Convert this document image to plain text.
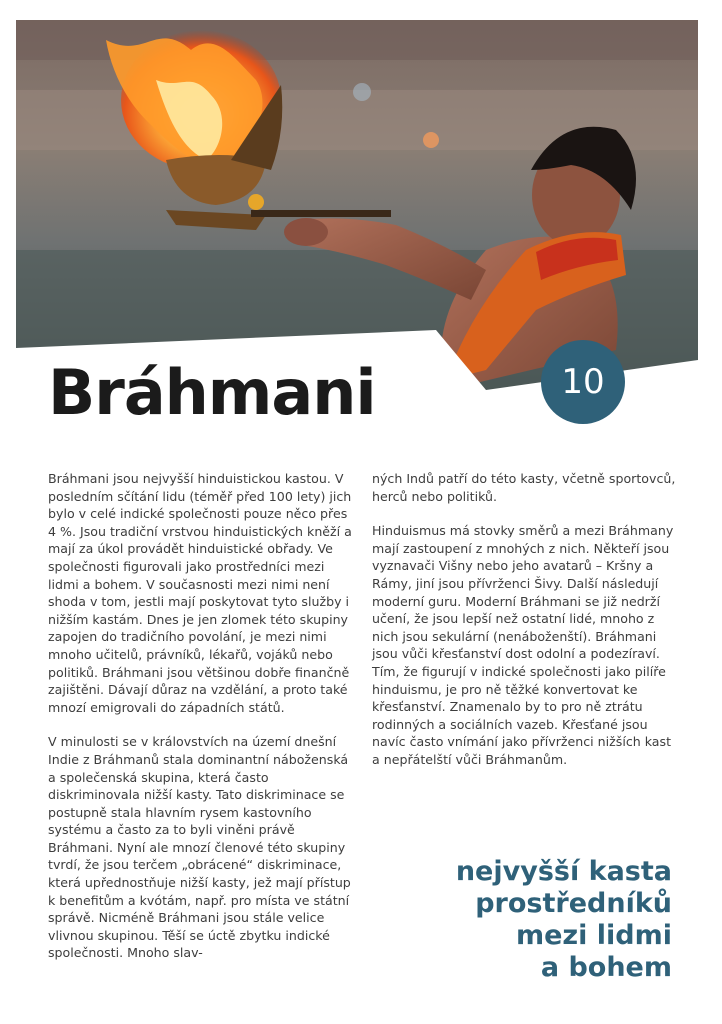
10
Bráhmani

Bráhmani jsou nejvyšší hinduistickou kastou. V posledním sčítání lidu (téměř před 100 lety) jich bylo v celé indické společnosti pouze něco přes 4 %. Jsou tradiční vrstvou hinduistických kněží a mají za úkol provádět hinduistické obřady. Ve společnosti figurovali jako prostředníci mezi lidmi a bohem. V současnosti mezi nimi není shoda v tom, jestli mají poskytovat tyto služby i nižším kastám. Dnes je jen zlomek této skupiny zapojen do tradičního povolání, je mezi nimi mnoho učitelů, právníků, lékařů, vojáků nebo politiků. Bráhmani jsou většinou dobře finančně zajištěni. Dávají důraz na vzdělání, a proto také mnozí emigrovali do západních států.

V minulosti se v královstvích na území dnešní Indie z Bráhmanů stala dominantní náboženská a společenská skupina, která často diskriminovala nižší kasty. Tato diskriminace se postupně stala hlavním rysem kastovního systému a často za to byli viněni právě Bráhmani. Nyní ale mnozí členové této skupiny tvrdí, že jsou terčem „obrácené“ diskriminace, která upřednostňuje nižší kasty, jež mají přístup k benefitům a kvótám, např. pro místa ve státní správě. Nicméně Bráhmani jsou stále velice vlivnou skupinou. Těší se úctě zbytku indické společnosti. Mnoho slav-

ných Indů patří do této kasty, včetně sportovců, herců nebo politiků.

Hinduismus má stovky směrů a mezi Bráhmany mají zastoupení z mnohých z nich. Někteří jsou vyznavači Višny nebo jeho avatarů – Kršny a Rámy, jiní jsou přívrženci Šivy. Další následují moderní guru. Moderní Bráhmani se již nedrží učení, že jsou lepší než ostatní lidé, mnoho z nich jsou sekulární (nenáboženští). Bráhmani jsou vůči křesťanství dost odolní a podezíraví. Tím, že figurují v indické společnosti jako pilíře hinduismu, je pro ně těžké konvertovat ke křesťanství. Znamenalo by to pro ně ztrátu rodinných a sociálních vazeb. Křesťané jsou navíc často vnímání jako přívrženci nižších kast a nepřátelští vůči Bráhmanům.

nejvyšší kasta
prostředníků
mezi lidmi
a bohem
